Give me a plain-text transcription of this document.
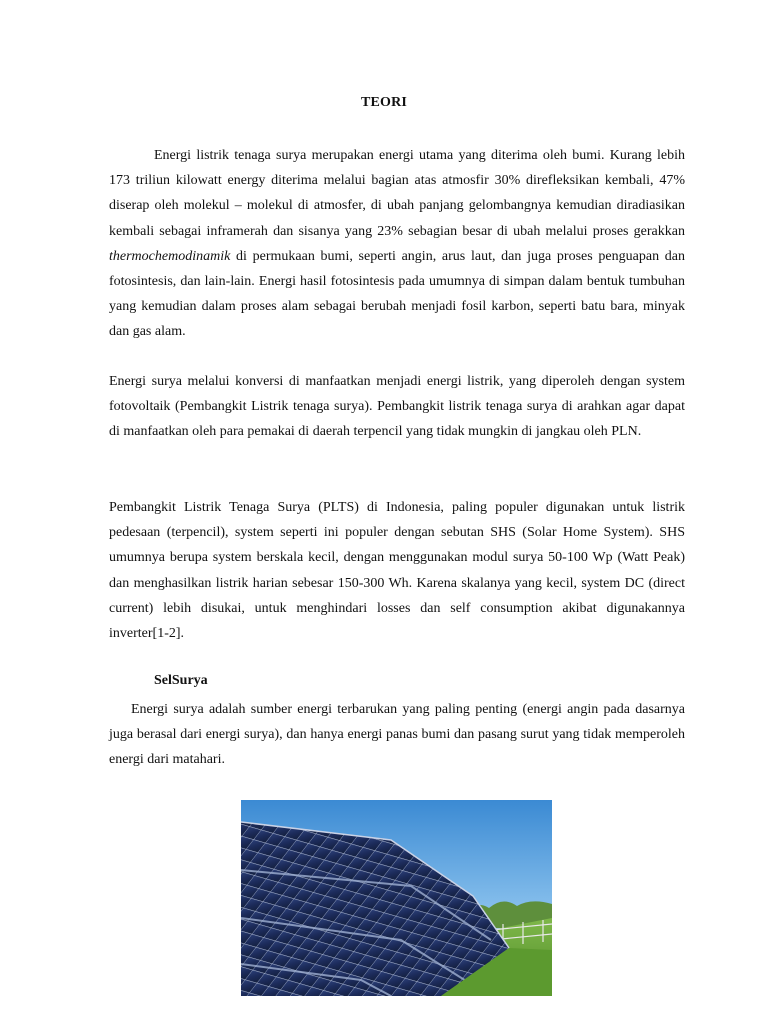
TEORI

Energi listrik tenaga surya merupakan energi utama yang diterima oleh bumi. Kurang lebih 173 triliun kilowatt energy diterima melalui bagian atas atmosfir 30% direfleksikan kembali, 47% diserap oleh molekul – molekul di atmosfer, di ubah panjang gelombangnya kemudian diradiasikan kembali sebagai inframerah dan sisanya yang 23% sebagian besar di ubah melalui proses gerakkan thermochemodinamik di permukaan bumi, seperti angin, arus laut, dan juga proses penguapan dan fotosintesis, dan lain-lain. Energi hasil fotosintesis pada umumnya di simpan dalam bentuk tumbuhan yang kemudian dalam proses alam sebagai berubah menjadi fosil karbon, seperti batu bara, minyak dan gas alam.

Energi surya melalui konversi di manfaatkan menjadi energi listrik, yang diperoleh dengan system fotovoltaik (Pembangkit Listrik tenaga surya). Pembangkit listrik tenaga surya di arahkan agar dapat di manfaatkan oleh para pemakai di daerah terpencil yang tidak mungkin di jangkau oleh PLN.

Pembangkit Listrik Tenaga Surya (PLTS) di Indonesia, paling populer digunakan untuk listrik pedesaan (terpencil), system seperti ini populer dengan sebutan SHS (Solar Home System). SHS umumnya berupa system berskala kecil, dengan menggunakan modul surya 50-100 Wp (Watt Peak) dan menghasilkan listrik harian sebesar 150-300 Wh. Karena skalanya yang kecil, system DC (direct current) lebih disukai, untuk menghindari losses dan self consumption akibat digunakannya inverter[1-2].

SelSurya

Energi surya adalah sumber energi terbarukan yang paling penting (energi angin pada dasarnya juga berasal dari energi surya), dan hanya energi panas bumi dan pasang surut yang tidak memperoleh energi dari matahari.
